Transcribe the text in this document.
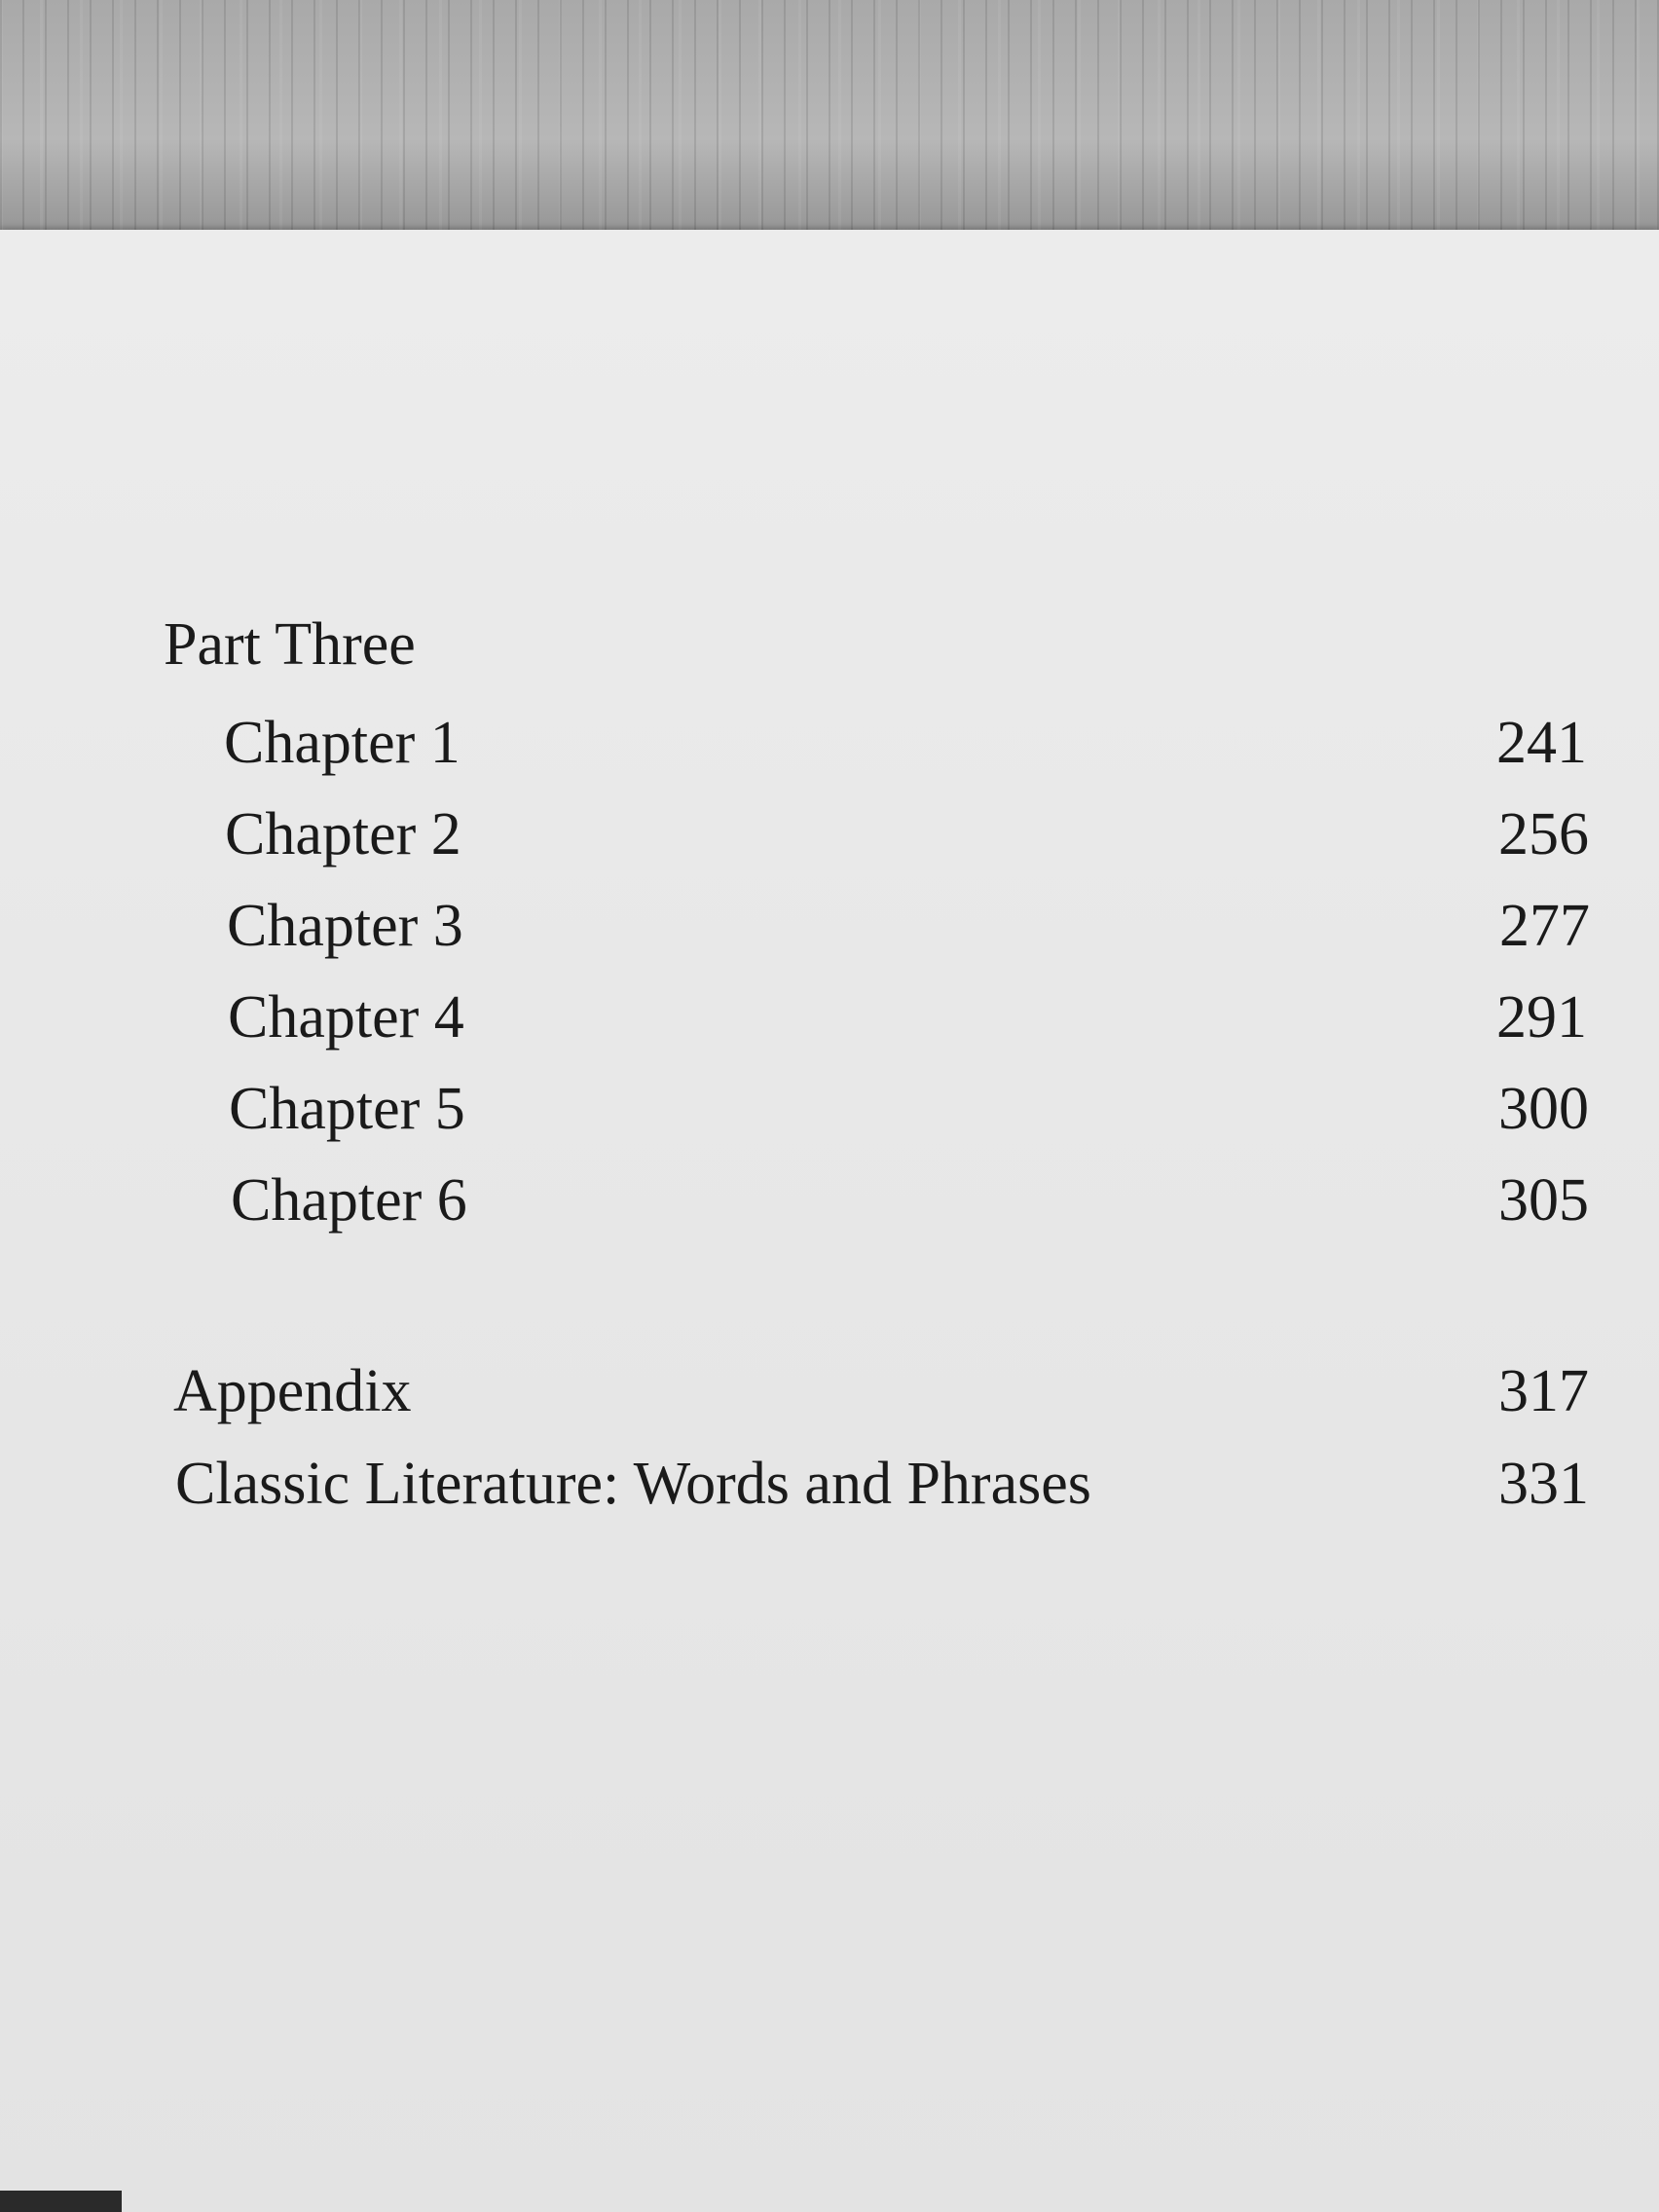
Part Three
Chapter 1	241
Chapter 2	256
Chapter 3	277
Chapter 4	291
Chapter 5	300
Chapter 6	305
Appendix	317
Classic Literature: Words and Phrases	331
